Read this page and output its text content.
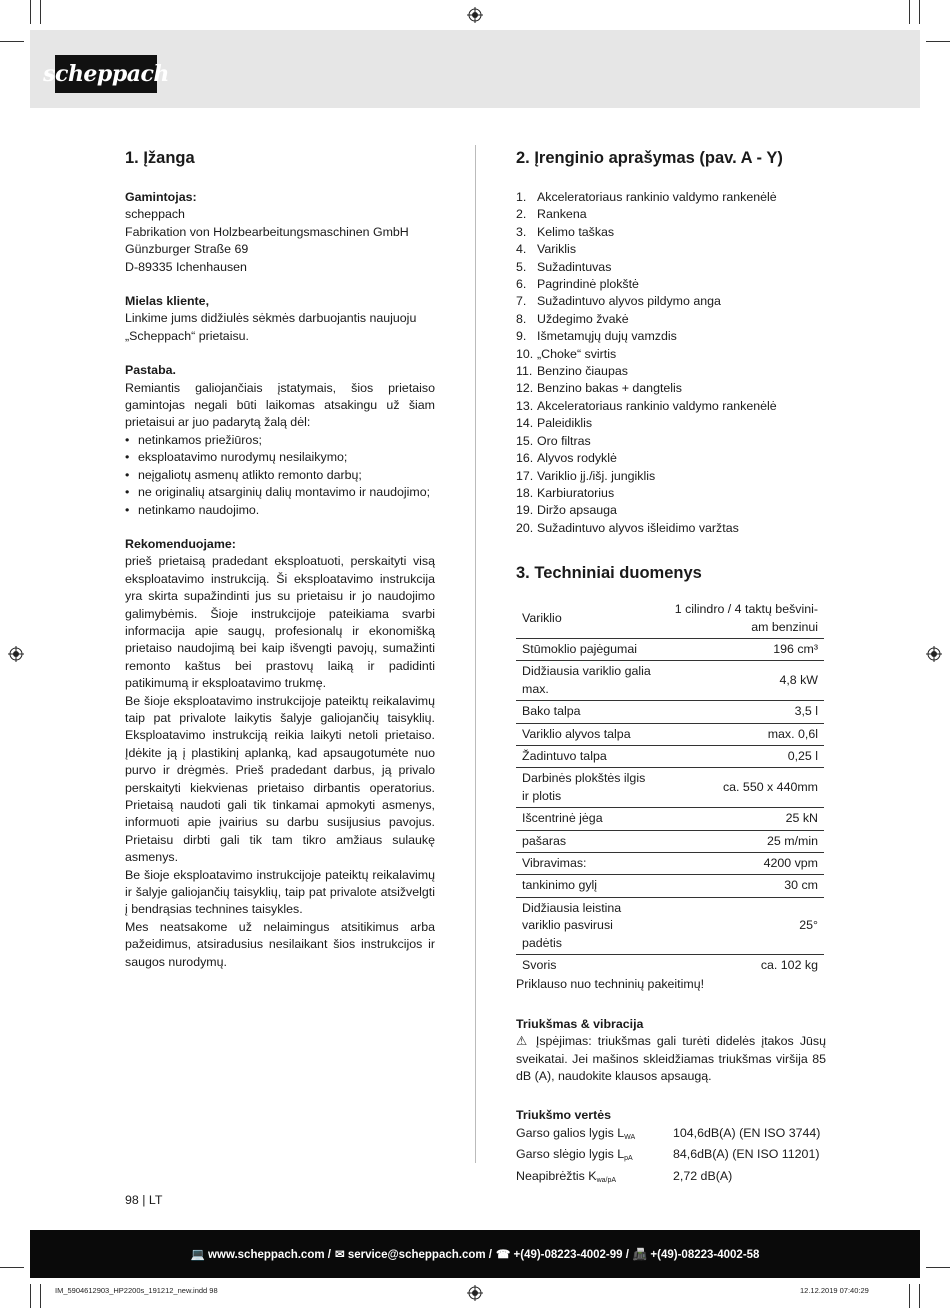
scheppach
1. Įžanga

Gamintojas:

scheppach

Fabrikation von Holzbearbeitungsmaschinen GmbH

Günzburger Straße 69

D-89335 Ichenhausen

Mielas kliente,

Linkime jums didžiulės sėkmės darbuojantis naujuoju „Scheppach“ prietaisu.

Pastaba.

Remiantis galiojančiais įstatymais, šios prietaiso gamintojas negali būti laikomas atsakingu už šiam prietaisui ar juo padarytą žalą dėl:

• netinkamos priežiūros;
• eksploatavimo nurodymų nesilaikymo;
• neįgaliotų asmenų atlikto remonto darbų;
• ne originalių atsarginių dalių montavimo ir naudojimo;
• netinkamo naudojimo.

Rekomenduojame:

prieš prietaisą pradedant eksploatuoti, perskaityti visą eksploatavimo instrukciją. Ši eksploatavimo instrukcija yra skirta supažindinti jus su prietaisu ir jo naudojimo galimybėmis. Šioje instrukcijoje pateikiama svarbi informacija apie saugų, profesionalų ir ekonomišką prietaiso naudojimą bei kaip išvengti pavojų, sumažinti remonto kaštus bei prastovų laiką ir padidinti patikimumą ir eksploatavimo trukmę.

Be šioje eksploatavimo instrukcijoje pateiktų reikalavimų taip pat privalote laikytis šalyje galiojančių taisyklių. Eksploatavimo instrukciją reikia laikyti netoli prietaiso. Įdėkite ją į plastikinį aplanką, kad apsaugotumėte nuo purvo ir drėgmės. Prieš pradedant darbus, ją privalo perskaityti kiekvienas prietaiso dirbantis operatorius. Prietaisą naudoti gali tik tinkamai apmokyti asmenys, informuoti apie įvairius su darbu susijusius pavojus. Prietaisu dirbti gali tik tam tikro amžiaus sulaukę asmenys.

Be šioje eksploatavimo instrukcijoje pateiktų reikalavimų ir šalyje galiojančių taisyklių, taip pat privalote atsižvelgti į bendrąsias technines taisykles.

Mes neatsakome už nelaimingus atsitikimus arba pažeidimus, atsiradusius nesilaikant šios instrukcijos ir saugos nurodymų.

2. Įrenginio aprašymas (pav. A - Y)
1. Akceleratoriaus rankinio valdymo rankenėlė
2. Rankena
3. Kelimo taškas
4. Variklis
5. Sužadintuvas
6. Pagrindinė plokštė
7. Sužadintuvo alyvos pildymo anga
8. Uždegimo žvakė
9. Išmetamųjų dujų vamzdis
10. „Choke“ svirtis
11. Benzino čiaupas
12. Benzino bakas + dangtelis
13. Akceleratoriaus rankinio valdymo rankenėlė
14. Paleidiklis
15. Oro filtras
16. Alyvos rodyklė
17. Variklio įj./išj. jungiklis
18. Karbiuratorius
19. Diržo apsauga
20. Sužadintuvo alyvos išleidimo varžtas
3. Techniniai duomenys
Variklio	1 cilindro / 4 taktų bešvini-am benzinui
Stūmoklio pajėgumai	196 cm³
Didžiausia variklio galia max.	4,8 kW
Bako talpa	3,5 l
Variklio alyvos talpa	max. 0,6l
Žadintuvo talpa	0,25 l
Darbinės plokštės ilgis ir plotis	ca. 550 x 440mm
Išcentrinė jėga	25 kN
pašaras	25 m/min
Vibravimas:	4200 vpm
tankinimo gylį	30 cm
Didžiausia leistina variklio pasvirusi padėtis	25°
Svoris	ca. 102 kg

Priklauso nuo techninių pakeitimų!

Triukšmas & vibracija

⚠ Įspėjimas: triukšmas gali turėti didelės įtakos Jūsų sveikatai. Jei mašinos skleidžiamas triukšmas viršija 85 dB (A), naudokite klausos apsaugą.

Triukšmo vertės

Garso galios lygis $L_{WA}$	104,6dB(A) (EN ISO 3744)
Garso slėgio lygis $L_{pA}$	84,6dB(A) (EN ISO 11201)
Neapibrėžtis $K_{wa/pA}$	2,72 dB(A)
98 | LT
💻 www.scheppach.com / ✉ service@scheppach.com / ☎ +(49)-08223-4002-99 / 📠 +(49)-08223-4002-58
IM_5904612903_HP2200s_191212_new.indd 98	12.12.2019 07:40:29
